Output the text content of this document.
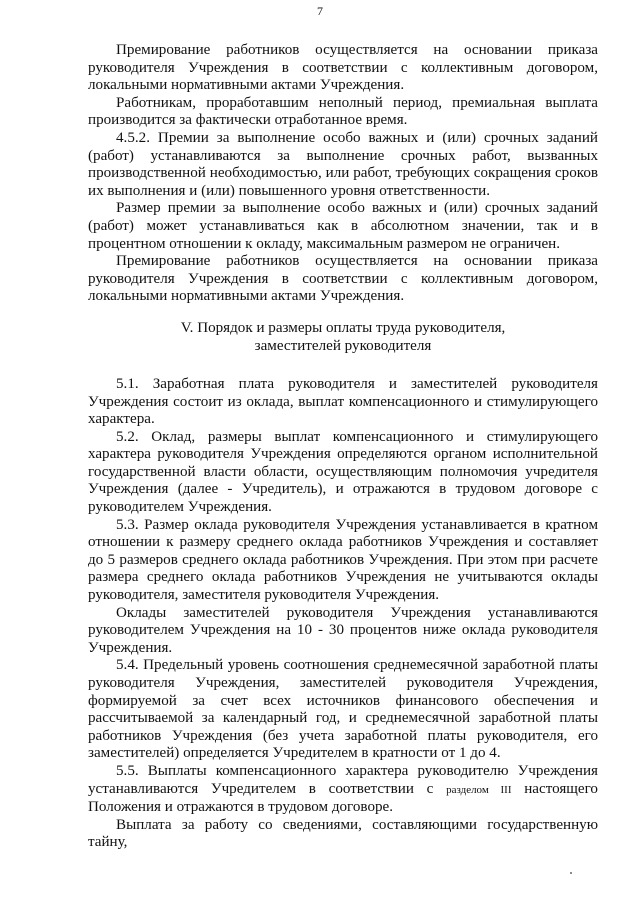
7

Премирование работников осуществляется на основании приказа руководителя Учреждения в соответствии с коллективным договором, локальными нормативными актами Учреждения.

Работникам, проработавшим неполный период, премиальная выплата производится за фактически отработанное время.

4.5.2. Премии за выполнение особо важных и (или) срочных заданий (работ) устанавливаются за выполнение срочных работ, вызванных производственной необходимостью, или работ, требующих сокращения сроков их выполнения и (или) повышенного уровня ответственности.

Размер премии за выполнение особо важных и (или) срочных заданий (работ) может устанавливаться как в абсолютном значении, так и в процентном отношении к окладу, максимальным размером не ограничен.

Премирование работников осуществляется на основании приказа руководителя Учреждения в соответствии с коллективным договором, локальными нормативными актами Учреждения.

V. Порядок и размеры оплаты труда руководителя,
заместителей руководителя

5.1. Заработная плата руководителя и заместителей руководителя Учреждения состоит из оклада, выплат компенсационного и стимулирующего характера.

5.2. Оклад, размеры выплат компенсационного и стимулирующего характера руководителя Учреждения определяются органом исполнительной государственной власти области, осуществляющим полномочия учредителя Учреждения (далее - Учредитель), и отражаются в трудовом договоре с руководителем Учреждения.

5.3. Размер оклада руководителя Учреждения устанавливается в кратном отношении к размеру среднего оклада работников Учреждения и составляет до 5 размеров среднего оклада работников Учреждения. При этом при расчете размера среднего оклада работников Учреждения не учитываются оклады руководителя, заместителя руководителя Учреждения.

Оклады заместителей руководителя Учреждения устанавливаются руководителем Учреждения на 10 - 30 процентов ниже оклада руководителя Учреждения.

5.4. Предельный уровень соотношения среднемесячной заработной платы руководителя Учреждения, заместителей руководителя Учреждения, формируемой за счет всех источников финансового обеспечения и рассчитываемой за календарный год, и среднемесячной заработной платы работников Учреждения (без учета заработной платы руководителя, его заместителей) определяется Учредителем в кратности от 1 до 4.

5.5. Выплаты компенсационного характера руководителю Учреждения устанавливаются Учредителем в соответствии с разделом III настоящего Положения и отражаются в трудовом договоре.

Выплата за работу со сведениями, составляющими государственную тайну,
